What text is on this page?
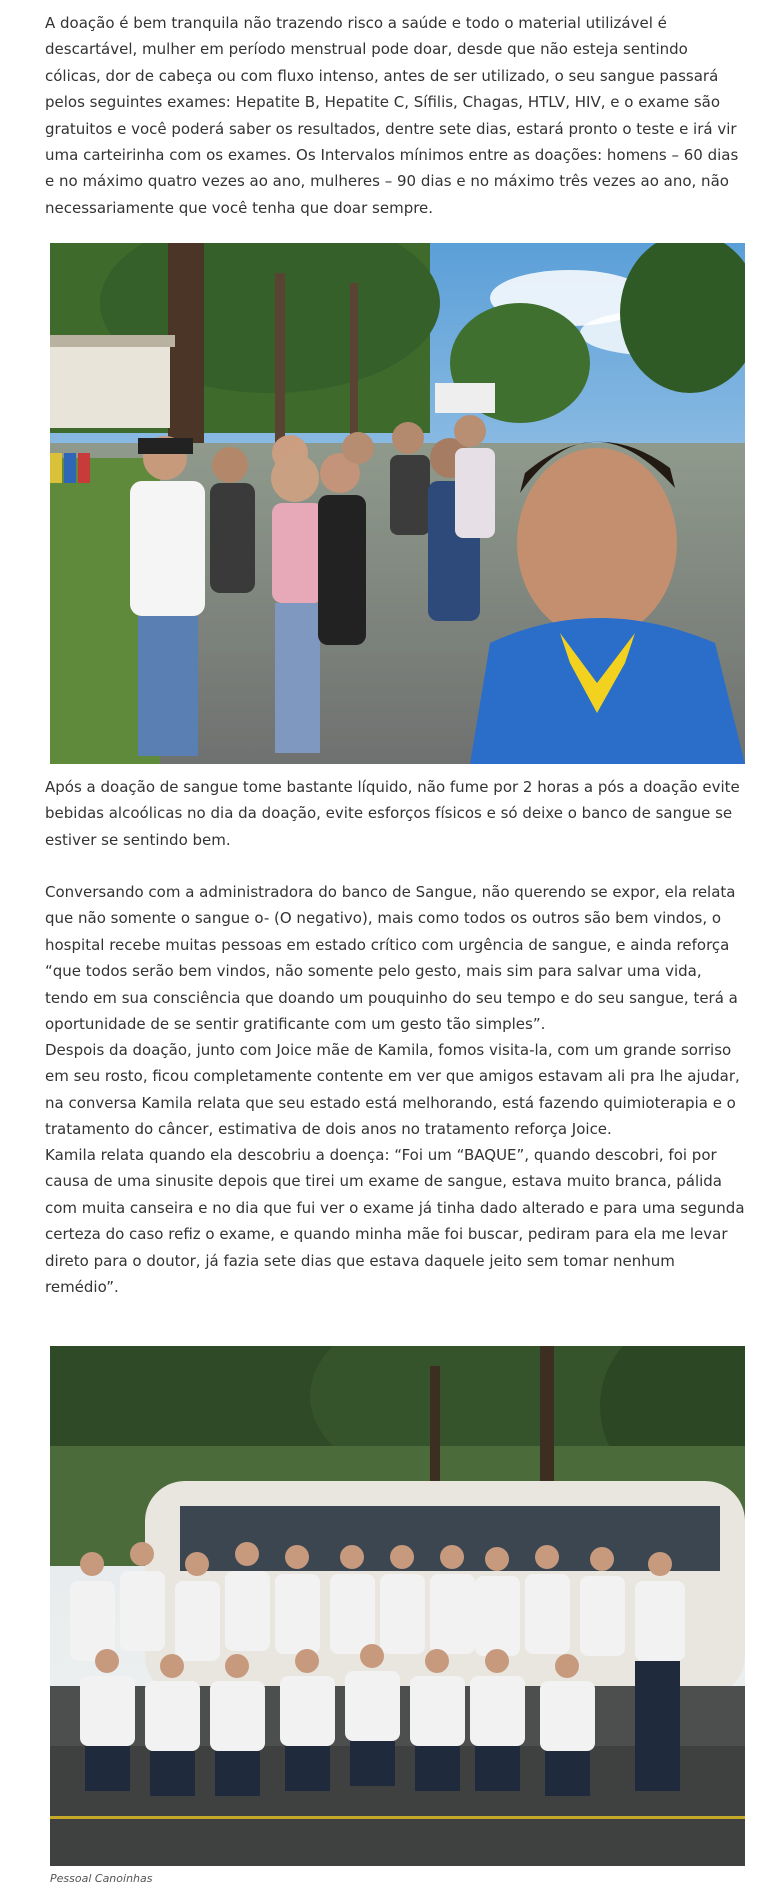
A doação é bem tranquila não trazendo risco a saúde e todo o material utilizável é descartável, mulher em período menstrual pode doar, desde que não esteja sentindo cólicas, dor de cabeça ou com fluxo intenso, antes de ser utilizado, o seu sangue passará pelos seguintes exames: Hepatite B, Hepatite C, Sífilis, Chagas, HTLV, HIV, e o exame são gratuitos e você poderá saber os resultados, dentre sete dias, estará pronto o teste e irá vir uma carteirinha com os exames. Os Intervalos mínimos entre as doações: homens – 60 dias e no máximo quatro vezes ao ano, mulheres – 90 dias e no máximo três vezes ao ano, não necessariamente que você tenha que doar sempre.

Após a doação de sangue tome bastante líquido, não fume por 2 horas a pós a doação evite bebidas alcoólicas no dia da doação, evite esforços físicos e só deixe o banco de sangue se estiver se sentindo bem.

Conversando com a administradora do banco de Sangue, não querendo se expor, ela relata que não somente o sangue o- (O negativo), mais como todos os outros são bem vindos, o hospital recebe muitas pessoas em estado crítico com urgência de sangue, e ainda reforça “que todos serão bem vindos, não somente pelo gesto, mais sim para salvar uma vida, tendo em sua consciência que doando um pouquinho do seu tempo e do seu sangue, terá a oportunidade de se sentir gratificante com um gesto tão simples”.

Despois da doação, junto com Joice mãe de Kamila, fomos visita-la, com um grande sorriso em seu rosto, ficou completamente contente em ver que amigos estavam ali pra lhe ajudar, na conversa Kamila relata que seu estado está melhorando, está fazendo quimioterapia e o tratamento do câncer, estimativa de dois anos no tratamento reforça Joice.

Kamila relata quando ela descobriu a doença: “Foi um “BAQUE”, quando descobri, foi por causa de uma sinusite depois que tirei um exame de sangue, estava muito branca, pálida com muita canseira e no dia que fui ver o exame já tinha dado alterado e para uma segunda certeza do caso refiz o exame, e quando minha mãe foi buscar, pediram para ela me levar direto para o doutor, já fazia sete dias que estava daquele jeito sem tomar nenhum remédio”.

Pessoal Canoinhas
